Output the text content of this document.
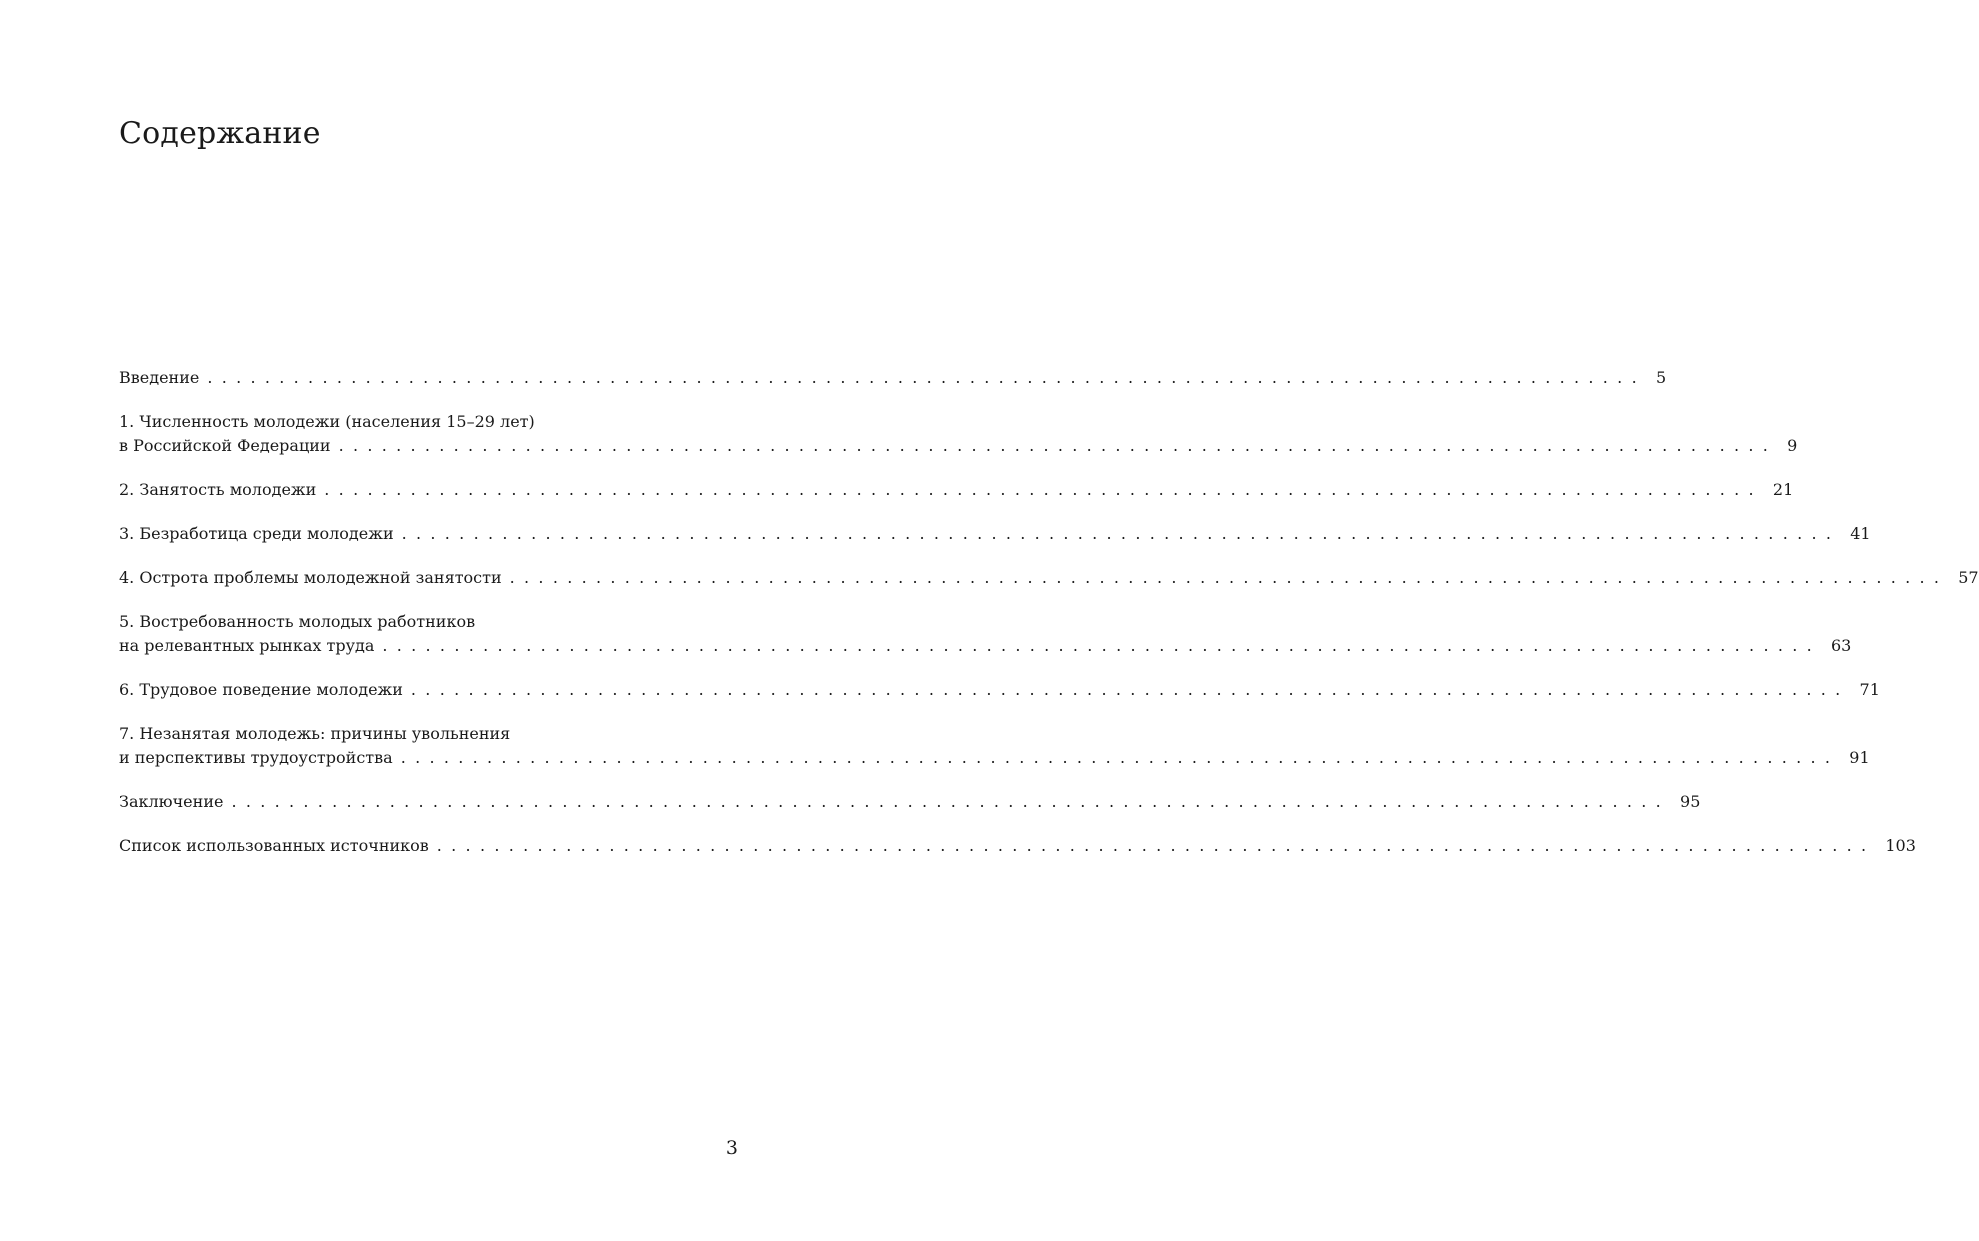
Содержание
Введение .................................................................................................... 5
1. Численность молодежи (населения 15–29 лет)
в Российской Федерации .................................................................................................... 9
2. Занятость молодежи .................................................................................................... 21
3. Безработица среди молодежи .................................................................................................... 41
4. Острота проблемы молодежной занятости .................................................................................................... 57
5. Востребованность молодых работников
на релевантных рынках труда .................................................................................................... 63
6. Трудовое поведение молодежи .................................................................................................... 71
7. Незанятая молодежь: причины увольнения
и перспективы трудоустройства .................................................................................................... 91
Заключение .................................................................................................... 95
Список использованных источников .................................................................................................... 103
3
